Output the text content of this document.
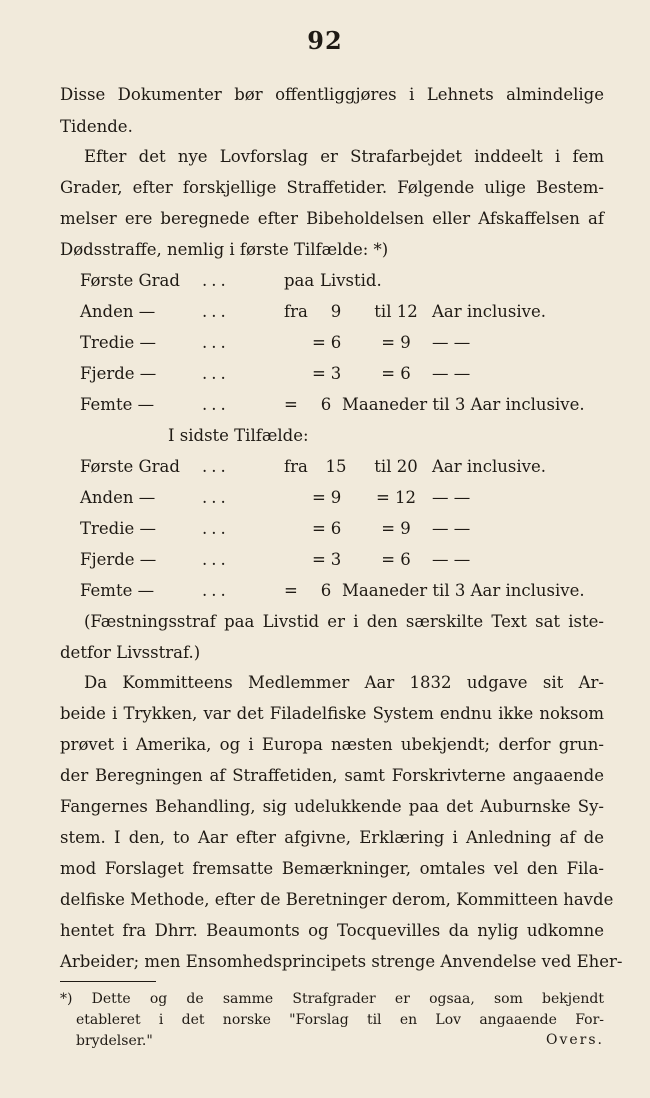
92
Disse Dokumenter bør offentliggjøres i Lehnets almindelige
Tidende.
Efter det nye Lovforslag er Strafarbejdet inddeelt i fem
Grader, efter forskjellige Straffetider. Følgende ulige Bestem-
melser ere beregnede efter Bibeholdelsen eller Afskaffelsen af
Dødsstraffe, nemlig i første Tilfælde: *)
Første Grad ...	paa Livstid.
Anden —	...	fra	9	til 12 Aar inclusive.
Tredie —	...	= 6	= 9	— —
Fjerde —	...	= 3	= 6	— —
Femte —	...	=	6 Maaneder til 3 Aar inclusive.
I sidste Tilfælde:
Første Grad ...	fra	15	til 20 Aar inclusive.
Anden —	...	= 9	= 12 — —
Tredie —	...	= 6	= 9	— —
Fjerde —	...	= 3	= 6	— —
Femte —	...	=	6 Maaneder til 3 Aar inclusive.
(Fæstningsstraf paa Livstid er i den særskilte Text sat iste-
detfor Livsstraf.)
Da Kommitteens Medlemmer Aar 1832 udgave sit Ar-
beide i Trykken, var det Filadelfiske System endnu ikke noksom
prøvet i Amerika, og i Europa næsten ubekjendt; derfor grun-
der Beregningen af Straffetiden, samt Forskrivterne angaaende
Fangernes Behandling, sig udelukkende paa det Auburnske Sy-
stem. I den, to Aar efter afgivne, Erklæring i Anledning af de
mod Forslaget fremsatte Bemærkninger, omtales vel den Fila-
delfiske Methode, efter de Beretninger derom, Kommitteen havde
hentet fra Dhrr. Beaumonts og Tocquevilles da nylig udkomne
Arbeider; men Ensomhedsprincipets strenge Anvendelse ved Eher-
*) Dette og de samme Strafgrader er ogsaa, som bekjendt
etableret i det norske "Forslag til en Lov angaaende For-
brydelser."	Overs.
